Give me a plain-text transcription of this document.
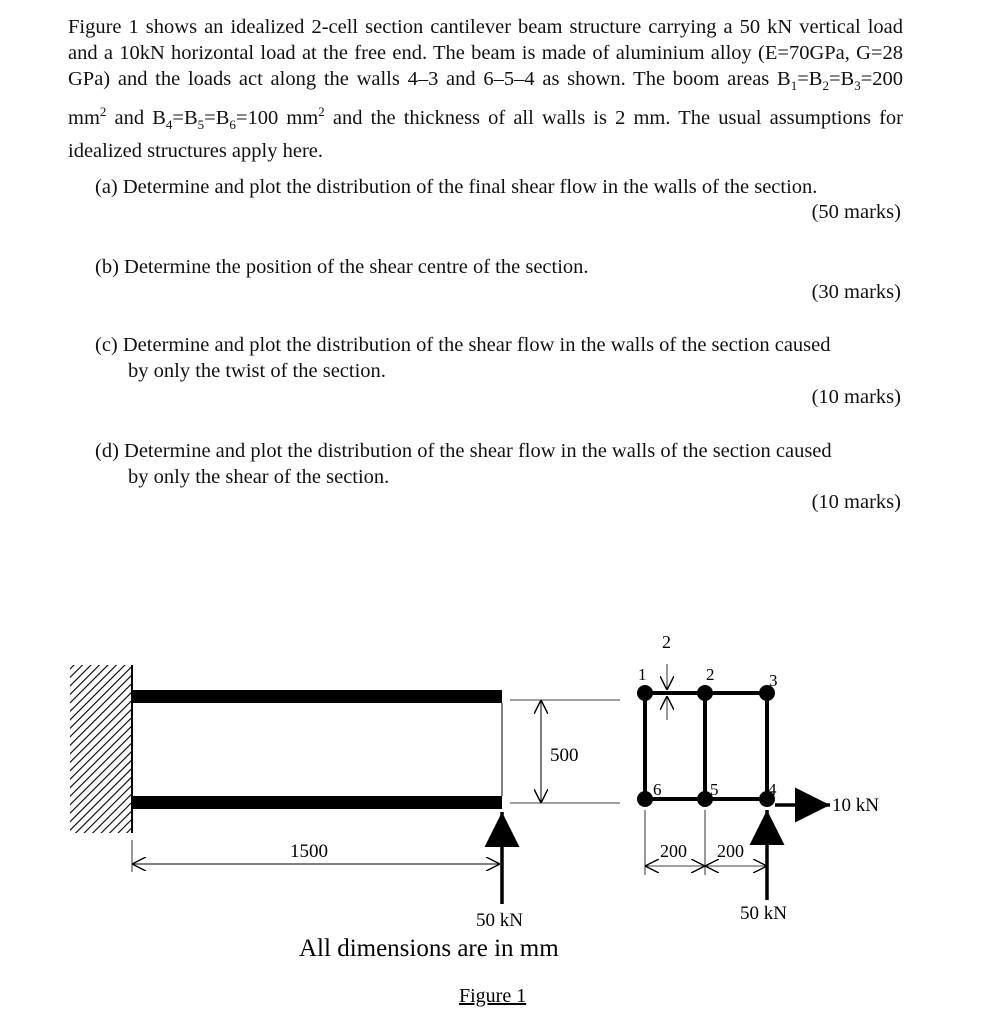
Figure 1 shows an idealized 2-cell section cantilever beam structure carrying a 50 kN vertical load and a 10kN horizontal load at the free end. The beam is made of aluminium alloy (E=70GPa, G=28 GPa) and the loads act along the walls 4–3 and 6–5–4 as shown. The boom areas $B_1=B_2=B_3=200$ $mm^2$ and $B_4=B_5=B_6=100$ $mm^2$ and the thickness of all walls is 2 mm. The usual assumptions for idealized structures apply here.

(a) Determine and plot the distribution of the final shear flow in the walls of the section.
(50 marks)
(b) Determine the position of the shear centre of the section.
(30 marks)
(c) Determine and plot the distribution of the shear flow in the walls of the section caused
by only the twist of the section.
(10 marks)
(d) Determine and plot the distribution of the shear flow in the walls of the section caused
by only the shear of the section.
(10 marks)
500
1500
50 kN
1	2	3
4
5
6
2
200 200
50 kN
10 kN
All dimensions are in mm
Figure 1
